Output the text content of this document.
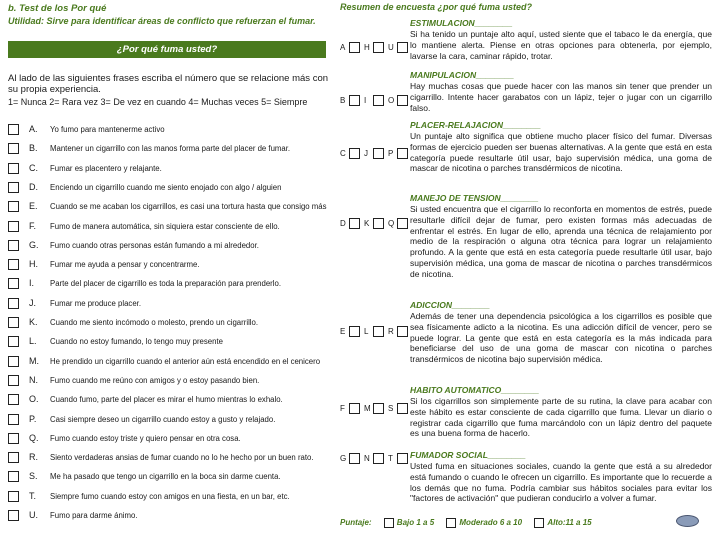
b. Test de los Por qué
Utilidad: Sirve para identificar áreas de conflicto que refuerzan el fumar.
¿Por qué fuma usted?
Al lado de las siguientes frases escriba el número que se relacione más con su propia experiencia.
1= Nunca 2= Rara vez 3= De vez en cuando 4= Muchas veces 5= Siempre
A. Yo fumo para mantenerme activo
B. Mantener un cigarrillo con las manos forma parte del placer de fumar.
C. Fumar es placentero y relajante.
D. Enciendo un cigarrillo cuando me siento enojado con algo / alguien
E. Cuando se me acaban los cigarrillos, es casi una tortura hasta que consigo más
F. Fumo de manera automática, sin siquiera estar consciente de ello.
G. Fumo cuando otras personas están fumando a mi alrededor.
H. Fumar me ayuda a pensar y concentrarme.
I. Parte del placer de cigarrillo es toda la preparación para prenderlo.
J. Fumar me produce placer.
K. Cuando me siento incómodo o molesto, prendo un cigarrillo.
L. Cuando no estoy fumando, lo tengo muy presente
M. He prendido un cigarrillo cuando el anterior aún está encendido en el cenicero
N. Fumo cuando me reúno con amigos y o estoy pasando bien.
O. Cuando fumo, parte del placer es mirar el humo mientras lo exhalo.
P. Casi siempre deseo un cigarrillo cuando estoy a gusto y relajado.
Q. Fumo cuando estoy triste y quiero pensar en otra cosa.
R. Siento verdaderas ansias de fumar cuando no lo he hecho por un buen rato.
S. Me ha pasado que tengo un cigarrillo en la boca sin darme cuenta.
T. Siempre fumo cuando estoy con amigos en una fiesta, en un bar, etc.
U. Fumo para darme ánimo.
Resumen de encuesta ¿por qué fuma usted?
ESTIMULACION________
Si ha tenido un puntaje alto aquí, usted siente que el tabaco le da energía, que lo mantiene alerta. Piense en otras opciones para obtenerla, por ejemplo, lavarse la cara, caminar rápido, trotar.
A H U
MANIPULACION________
Hay muchas cosas que puede hacer con las manos sin tener que prender un cigarrillo. Intente hacer garabatos con un lápiz, tejer o jugar con un cigarrillo falso.
B I	O
PLACER-RELAJACION________
Un puntaje alto significa que obtiene mucho placer físico del fumar. Diversas formas de ejercicio pueden ser buenas alternativas. A la gente que está en esta categoría puede resultarle útil usar, bajo supervisión médica, una goma de mascar de nicotina o parches transdérmicos de nicotina.
C J	P
MANEJO DE TENSION________
Si usted encuentra que el cigarrillo lo reconforta en momentos de estrés, puede resultarle difícil dejar de fumar, pero existen formas más adecuadas de enfrentar el estrés. En lugar de ello, aprenda una técnica de relajamiento por medio de la respiración o alguna otra técnica para lograr un relajamiento profundo. A la gente que está en esta categoría puede resultarle útil usar, bajo supervisión médica, una goma de mascar de nicotina o parches transdérmicos de nicotina.
D K Q
ADICCION________
Además de tener una dependencia psicológica a los cigarrillos es posible que sea físicamente adicto a la nicotina. Es una adicción difícil de vencer, pero se puede lograr. La gente que está en esta categoría es la más indicada para beneficiarse del uso de una goma de mascar con nicotina o parches transdérmicos de nicotina bajo supervisión médica.
E L R
HABITO AUTOMATICO________
Si los cigarrillos son simplemente parte de su rutina, la clave para acabar con este hábito es estar consciente de cada cigarrillo que fuma. Llevar un diario o registrar cada cigarrillo que fuma marcándolo con un lápiz dentro del paquete es una buena forma de hacerlo.
F M S
FUMADOR SOCIAL________
Usted fuma en situaciones sociales, cuando la gente que está a su alrededor está fumando o cuando le ofrecen un cigarrillo. Es importante que lo recuerde a los demás que no fuma. Podría cambiar sus hábitos sociales para evitar los "factores de activación" que pudieran conducirlo a volver a fumar.
G N T
Puntaje:	Bajo 1 a 5	Moderado 6 a 10	Alto:11 a 15
